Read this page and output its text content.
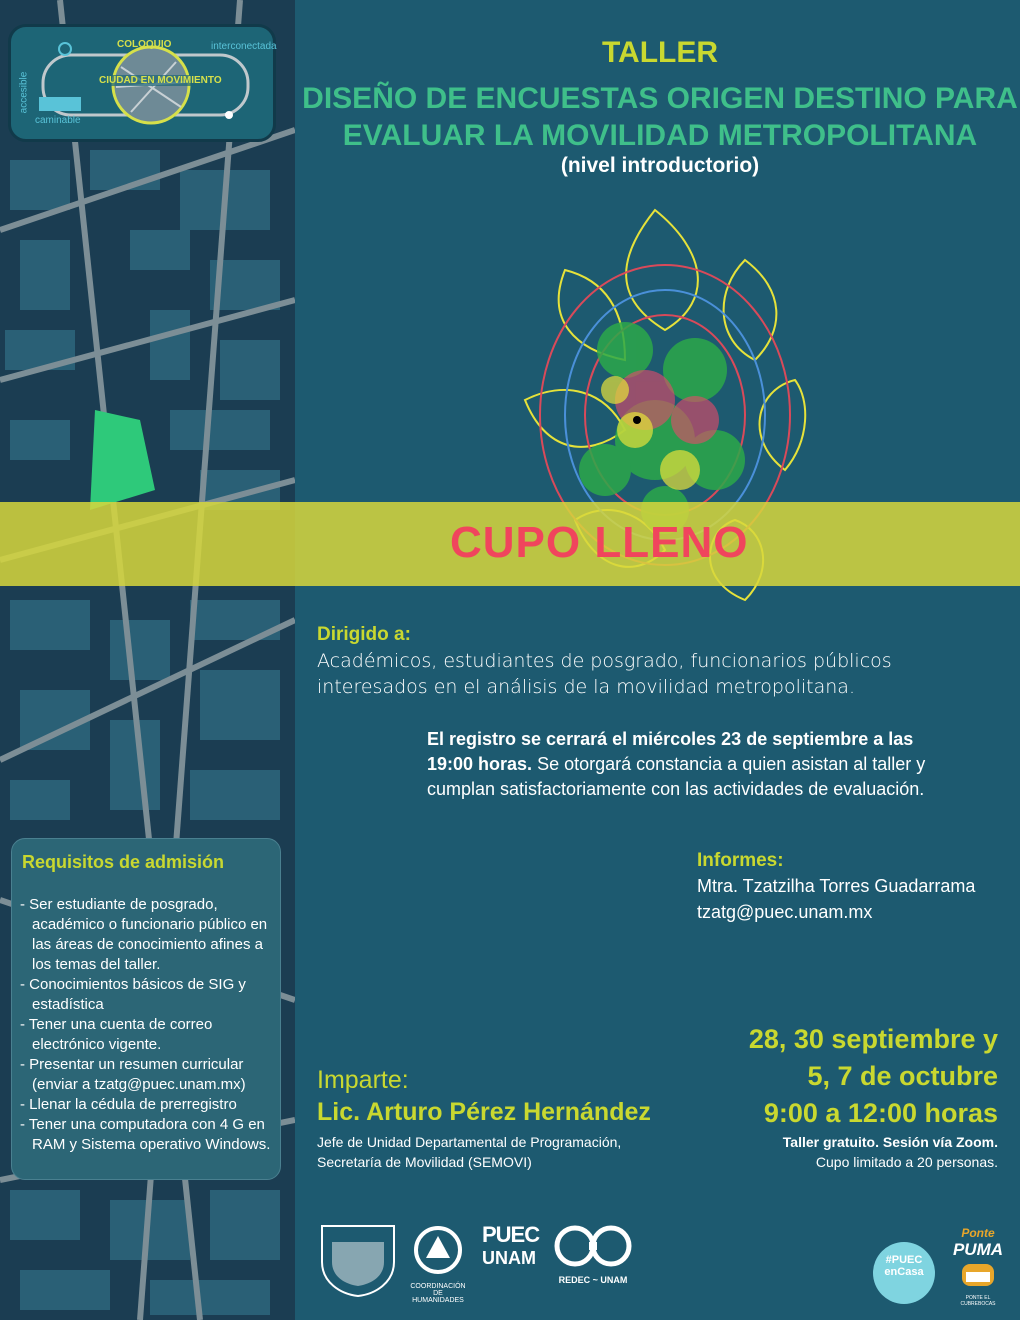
COLOQUIO
CIUDAD EN MOVIMIENTO
interconectada
accesible
caminable
TALLER
DISEÑO DE ENCUESTAS ORIGEN DESTINO PARA
EVALUAR LA MOVILIDAD METROPOLITANA
(nivel introductorio)
CUPO LLENO
Dirigido a:
Académicos, estudiantes de posgrado, funcionarios públicos interesados en el análisis de la movilidad metropolitana.
El registro se cerrará el miércoles 23 de septiembre a las 19:00 horas. Se otorgará constancia a quien asistan al taller y cumplan satisfactoriamente con las actividades de evaluación.
Informes:
Mtra. Tzatzilha Torres Guadarrama
tzatg@puec.unam.mx
Requisitos de admisión
- Ser estudiante de posgrado, académico o funcionario público en las áreas de conocimiento afines a los temas del taller.
- Conocimientos básicos de SIG y estadística
- Tener una cuenta de correo electrónico vigente.
- Presentar un resumen curricular (enviar a tzatg@puec.unam.mx)
- Llenar la cédula de prerregistro
- Tener una computadora con 4 G en RAM y Sistema operativo Windows.
Imparte:
Lic. Arturo Pérez Hernández
Jefe de Unidad Departamental de Programación,
Secretaría de Movilidad (SEMOVI)
28, 30 septiembre y
5, 7 de octubre
9:00 a 12:00 horas
Taller gratuito. Sesión vía Zoom.
Cupo limitado a 20 personas.
COORDINACIÓN DE HUMANIDADES
PUEC
UNAM
REDEC ~ UNAM
#PUEC
enCasa
Ponte
PUMA
PONTE EL CUBREBOCAS
